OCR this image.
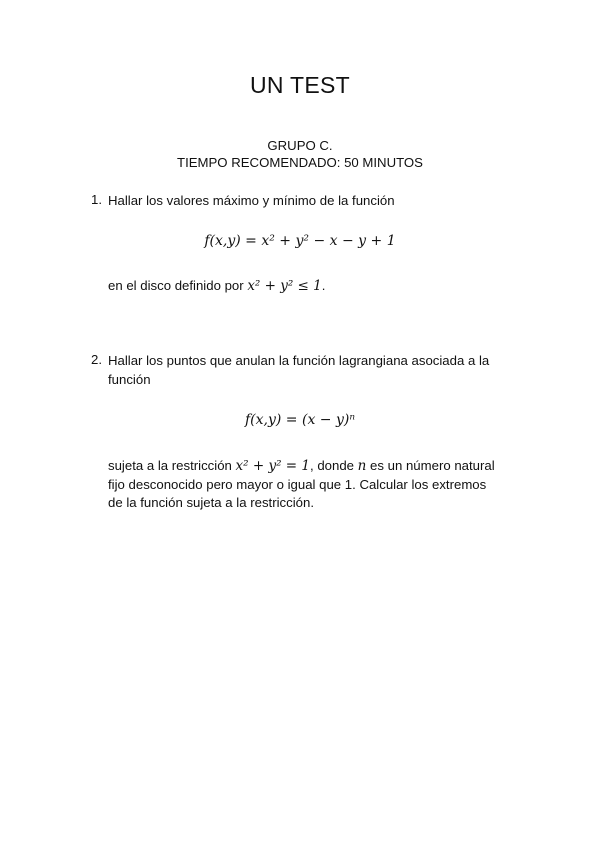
UN TEST
GRUPO C.
TIEMPO RECOMENDADO: 50 MINUTOS
1. Hallar los valores máximo y mínimo de la función
f(x,y) = x² + y² − x − y + 1
en el disco definido por x² + y² ≤ 1.
2. Hallar los puntos que anulan la función lagrangiana asociada a la
función
f(x,y) = (x − y)ⁿ
sujeta a la restricción x² + y² = 1, donde n es un número natural
fijo desconocido pero mayor o igual que 1. Calcular los extremos
de la función sujeta a la restricción.
